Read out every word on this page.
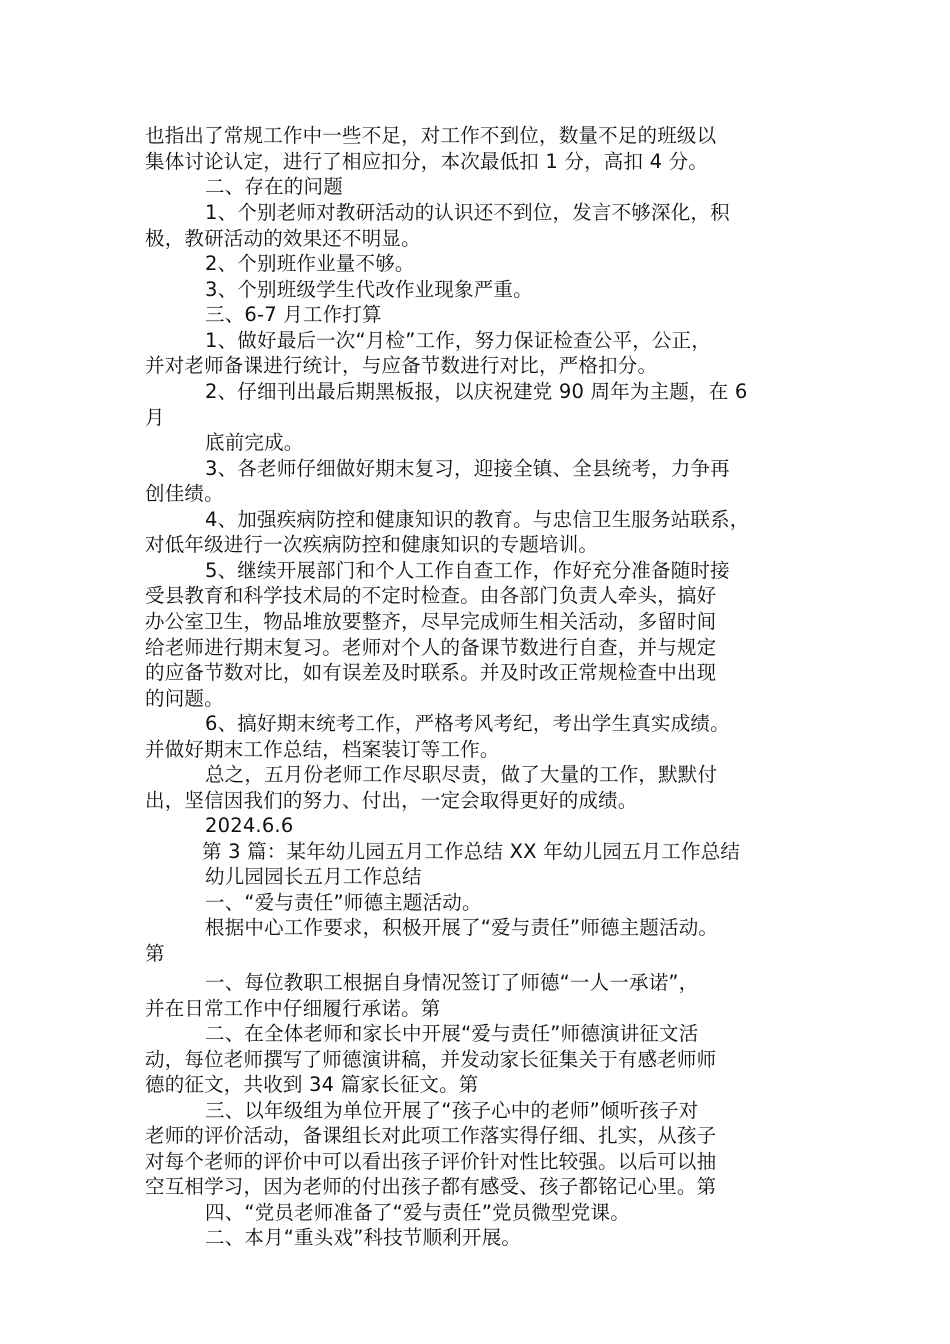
也指出了常规工作中一些不足，对工作不到位，数量不足的班级以
集体讨论认定，进行了相应扣分，本次最低扣 1 分，高扣 4 分。
二、存在的问题
1、个别老师对教研活动的认识还不到位，发言不够深化，积
极，教研活动的效果还不明显。
2、个别班作业量不够。
3、个别班级学生代改作业现象严重。
三、6-7 月工作打算
1、做好最后一次“月检”工作，努力保证检查公平，公正，
并对老师备课进行统计，与应备节数进行对比，严格扣分。
2、仔细刊出最后期黑板报，以庆祝建党 90 周年为主题，在 6
月
底前完成。
3、各老师仔细做好期末复习，迎接全镇、全县统考，力争再
创佳绩。
4、加强疾病防控和健康知识的教育。与忠信卫生服务站联系，
对低年级进行一次疾病防控和健康知识的专题培训。
5、继续开展部门和个人工作自查工作，作好充分准备随时接
受县教育和科学技术局的不定时检查。由各部门负责人牵头，搞好
办公室卫生，物品堆放要整齐，尽早完成师生相关活动，多留时间
给老师进行期末复习。老师对个人的备课节数进行自查，并与规定
的应备节数对比，如有误差及时联系。并及时改正常规检查中出现
的问题。
6、搞好期末统考工作，严格考风考纪，考出学生真实成绩。
并做好期末工作总结，档案装订等工作。
总之，五月份老师工作尽职尽责，做了大量的工作，默默付
出，坚信因我们的努力、付出，一定会取得更好的成绩。
2024.6.6
第 3 篇：某年幼儿园五月工作总结 XX 年幼儿园五月工作总结
幼儿园园长五月工作总结
一、“爱与责任”师德主题活动。
根据中心工作要求，积极开展了“爱与责任”师德主题活动。
第
一、每位教职工根据自身情况签订了师德“一人一承诺”，
并在日常工作中仔细履行承诺。第
二、在全体老师和家长中开展“爱与责任”师德演讲征文活
动，每位老师撰写了师德演讲稿，并发动家长征集关于有感老师师
德的征文，共收到 34 篇家长征文。第
三、以年级组为单位开展了“孩子心中的老师”倾听孩子对
老师的评价活动，备课组长对此项工作落实得仔细、扎实，从孩子
对每个老师的评价中可以看出孩子评价针对性比较强。以后可以抽
空互相学习，因为老师的付出孩子都有感受、孩子都铭记心里。第
四、“党员老师准备了“爱与责任”党员微型党课。
二、本月“重头戏”科技节顺利开展。
